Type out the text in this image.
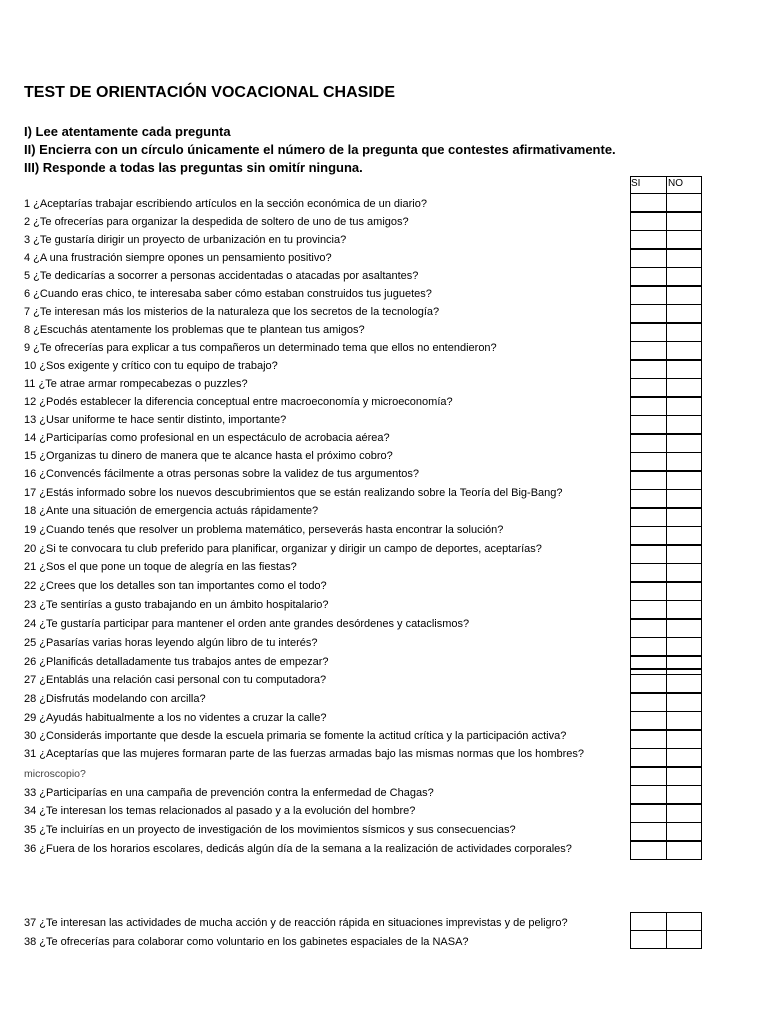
TEST DE ORIENTACIÓN VOCACIONAL CHASIDE
I) Lee atentamente cada pregunta
II) Encierra con un círculo únicamente el número de la pregunta que contestes afirmativamente.
III) Responde a todas las preguntas sin omitír ninguna.
SI	NO
1 ¿Aceptarías trabajar escribiendo artículos en la sección económica de un diario?
2 ¿Te ofrecerías para organizar la despedida de soltero de uno de tus amigos?
3 ¿Te gustaría dirigir un proyecto de urbanización en tu provincia?
4 ¿A una frustración siempre opones un pensamiento positivo?
5 ¿Te dedicarías a socorrer a personas accidentadas o atacadas por asaltantes?
6 ¿Cuando eras chico, te interesaba saber cómo estaban construidos tus juguetes?
7 ¿Te interesan más los misterios de la naturaleza que los secretos de la tecnología?
8 ¿Escuchás atentamente los problemas que te plantean tus amigos?
9 ¿Te ofrecerías para explicar a tus compañeros un determinado tema que ellos no entendieron?
10 ¿Sos exigente y crítico con tu equipo de trabajo?
11 ¿Te atrae armar rompecabezas o puzzles?
12 ¿Podés establecer la diferencia conceptual entre macroeconomía y microeconomía?
13 ¿Usar uniforme te hace sentir distinto, importante?
14 ¿Participarías como profesional en un espectáculo de acrobacia aérea?
15 ¿Organizas tu dinero de manera que te alcance hasta el próximo cobro?
16 ¿Convencés fácilmente a otras personas sobre la validez de tus argumentos?
17 ¿Estás informado sobre los nuevos descubrimientos que se están realizando sobre la Teoría del Big-Bang?
18 ¿Ante una situación de emergencia actuás rápidamente?
19 ¿Cuando tenés que resolver un problema matemático, perseverás hasta encontrar la solución?
20 ¿Si te convocara tu club preferido para planificar, organizar y dirigir un campo de deportes, aceptarías?
21 ¿Sos el que pone un toque de alegría en las fiestas?
22 ¿Crees que los detalles son tan importantes como el todo?
23 ¿Te sentirías a gusto trabajando en un ámbito hospitalario?
24 ¿Te gustaría participar para mantener el orden ante grandes desórdenes y cataclismos?
25 ¿Pasarías varias horas leyendo algún libro de tu interés?
26 ¿Planificás detalladamente tus trabajos antes de empezar?
27 ¿Entablás una relación casi personal con tu computadora?
28 ¿Disfrutás modelando con arcilla?
29 ¿Ayudás habitualmente a los no videntes a cruzar la calle?
30 ¿Considerás importante que desde la escuela primaria se fomente la actitud crítica y la participación activa?
31 ¿Aceptarías que las mujeres formaran parte de las fuerzas armadas bajo las mismas normas que los hombres?
microscopio?
33 ¿Participarías en una campaña de prevención contra la enfermedad de Chagas?
34 ¿Te interesan los temas relacionados al pasado y a la evolución del hombre?
35 ¿Te incluirías en un proyecto de investigación de los movimientos sísmicos y sus consecuencias?
36 ¿Fuera de los horarios escolares, dedicás algún día de la semana a la realización de actividades corporales?
37 ¿Te interesan las actividades de mucha acción y de reacción rápida en situaciones imprevistas y de peligro?
38 ¿Te ofrecerías para colaborar como voluntario en los gabinetes espaciales de la NASA?
